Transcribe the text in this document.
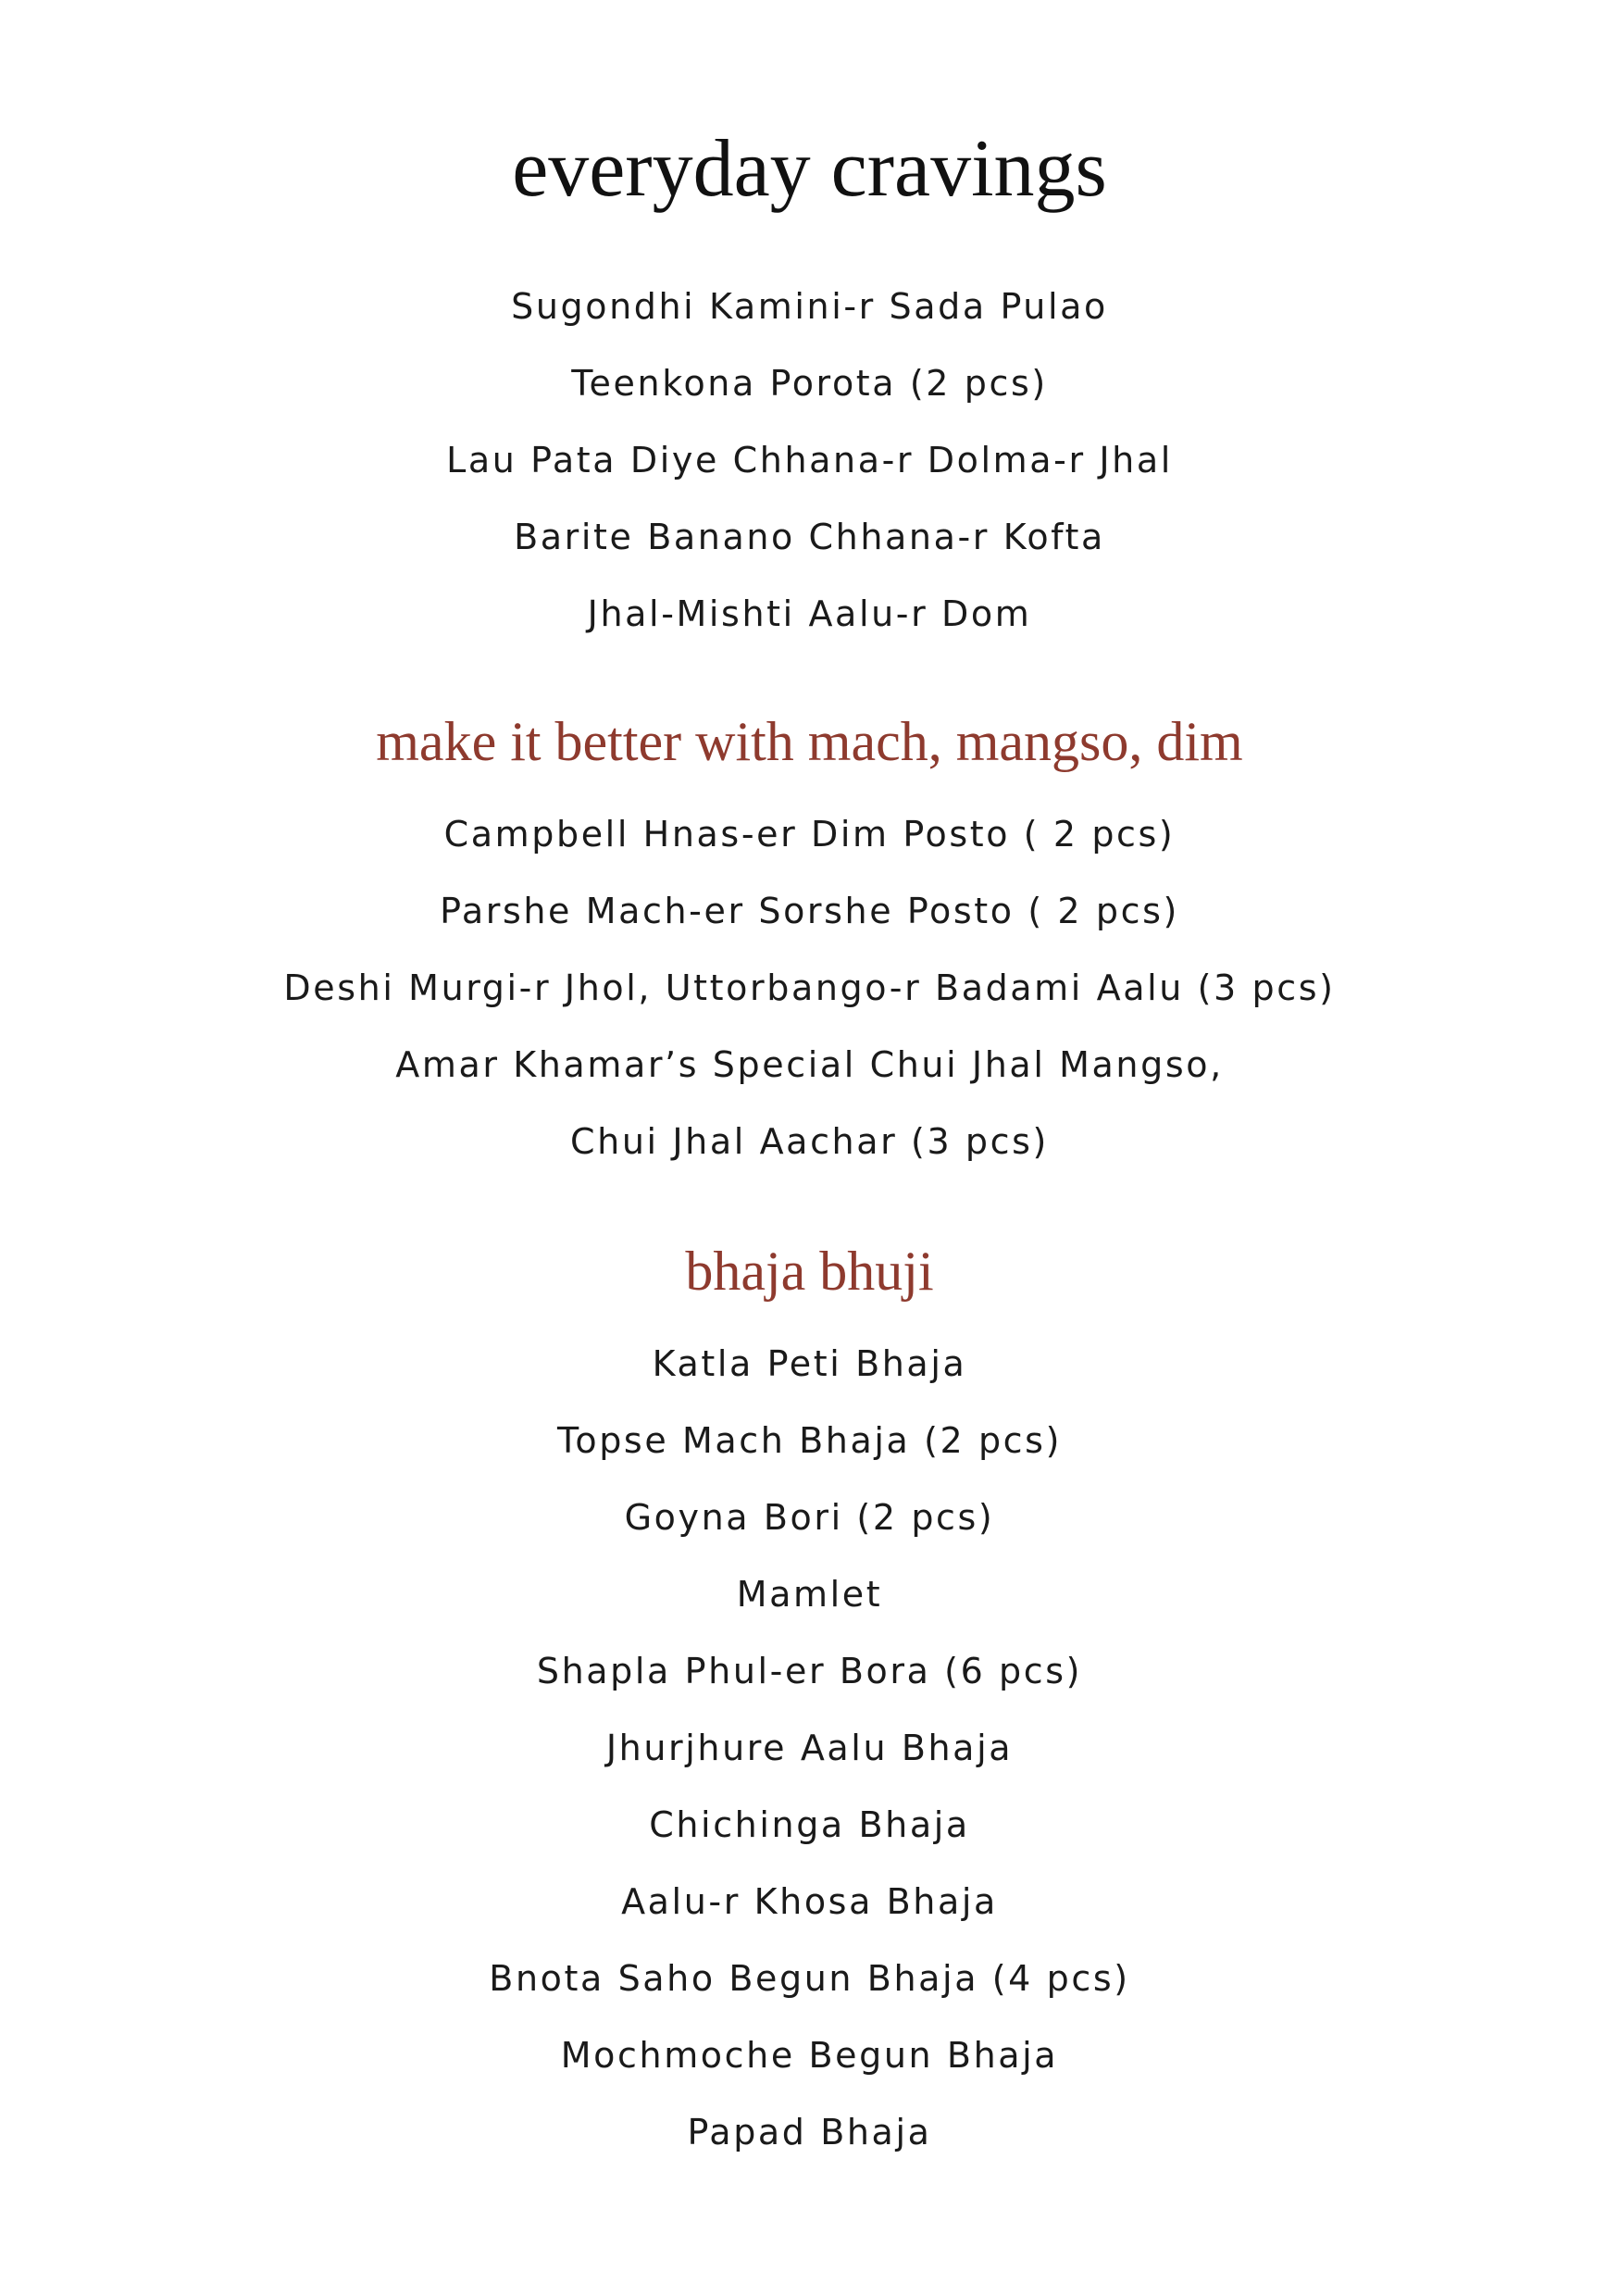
everyday cravings
Sugondhi Kamini-r Sada Pulao
Teenkona Porota (2 pcs)
Lau Pata Diye Chhana-r Dolma-r Jhal
Barite Banano Chhana-r Kofta
Jhal-Mishti Aalu-r Dom
make it better with mach, mangso, dim
Campbell Hnas-er Dim Posto ( 2 pcs)
Parshe Mach-er Sorshe Posto ( 2 pcs)
Deshi Murgi-r Jhol, Uttorbango-r Badami Aalu (3 pcs)
Amar Khamar’s Special Chui Jhal Mangso,
Chui Jhal Aachar (3 pcs)
bhaja bhuji
Katla Peti Bhaja
Topse Mach Bhaja (2 pcs)
Goyna Bori (2 pcs)
Mamlet
Shapla Phul-er Bora (6 pcs)
Jhurjhure Aalu Bhaja
Chichinga Bhaja
Aalu-r Khosa Bhaja
Bnota Saho Begun Bhaja (4 pcs)
Mochmoche Begun Bhaja
Papad Bhaja
